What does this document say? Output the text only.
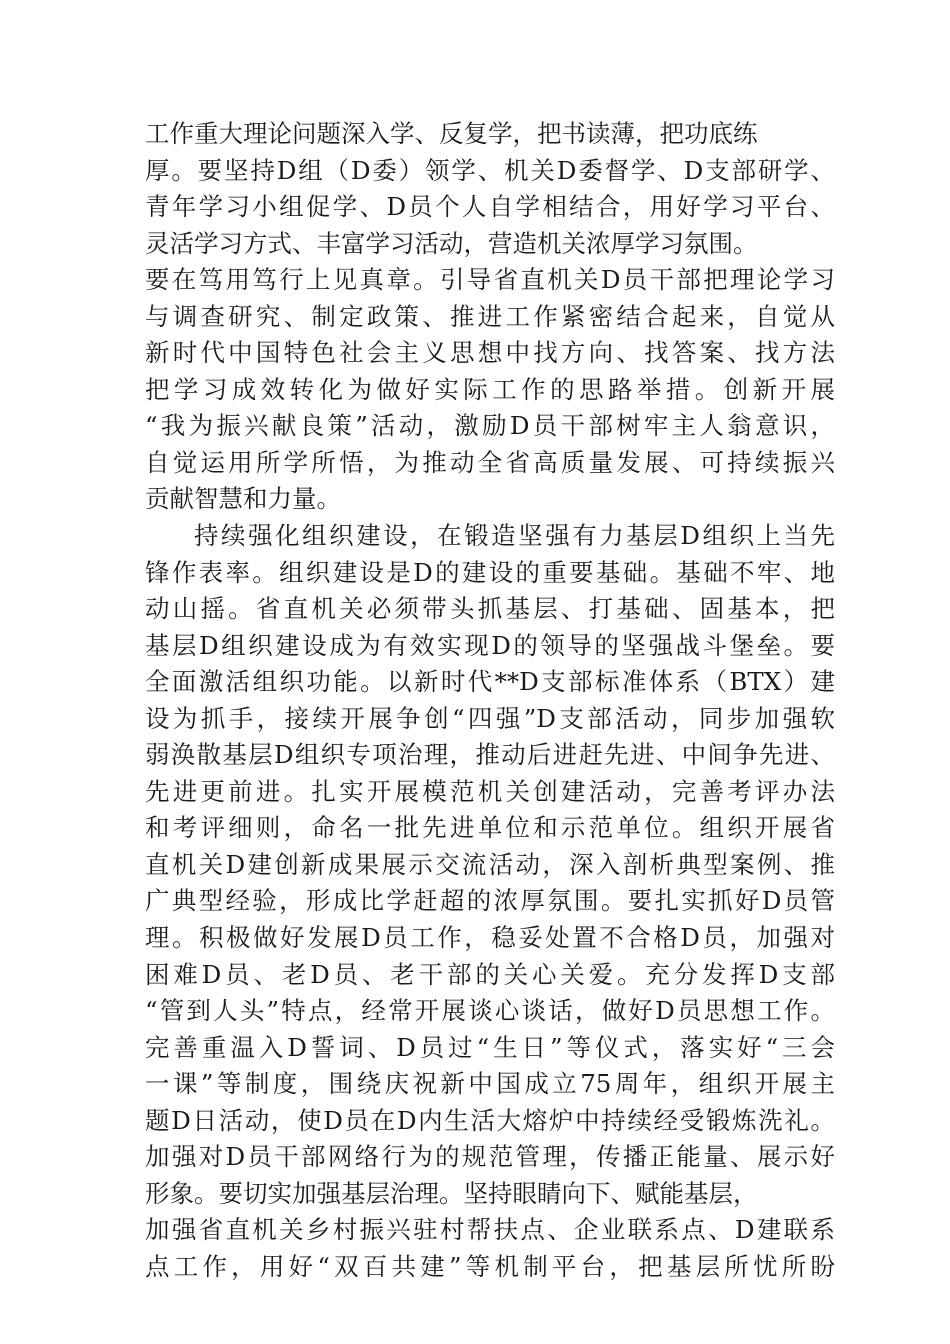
工作重大理论问题深入学、反复学，把书读薄，把功底练
厚。要坚持D组（D委）领学、机关D委督学、D支部研学、
青年学习小组促学、D员个人自学相结合，用好学习平台、
灵活学习方式、丰富学习活动，营造机关浓厚学习氛围。
要在笃用笃行上见真章。引导省直机关D员干部把理论学习
与调查研究、制定政策、推进工作紧密结合起来，自觉从
新时代中国特色社会主义思想中找方向、找答案、找方法
把学习成效转化为做好实际工作的思路举措。创新开展
“我为振兴献良策”活动，激励D员干部树牢主人翁意识，
自觉运用所学所悟，为推动全省高质量发展、可持续振兴
贡献智慧和力量。
持续强化组织建设，在锻造坚强有力基层D组织上当先
锋作表率。组织建设是D的建设的重要基础。基础不牢、地
动山摇。省直机关必须带头抓基层、打基础、固基本，把
基层D组织建设成为有效实现D的领导的坚强战斗堡垒。要
全面激活组织功能。以新时代**D支部标准体系（BTX）建
设为抓手，接续开展争创“四强”D支部活动，同步加强软
弱涣散基层D组织专项治理，推动后进赶先进、中间争先进、
先进更前进。扎实开展模范机关创建活动，完善考评办法
和考评细则，命名一批先进单位和示范单位。组织开展省
直机关D建创新成果展示交流活动，深入剖析典型案例、推
广典型经验，形成比学赶超的浓厚氛围。要扎实抓好D员管
理。积极做好发展D员工作，稳妥处置不合格D员，加强对
困难D员、老D员、老干部的关心关爱。充分发挥D支部
“管到人头”特点，经常开展谈心谈话，做好D员思想工作。
完善重温入D誓词、D员过“生日”等仪式，落实好“三会
一课”等制度，围绕庆祝新中国成立75周年，组织开展主
题D日活动，使D员在D内生活大熔炉中持续经受锻炼洗礼。
加强对D员干部网络行为的规范管理，传播正能量、展示好
形象。要切实加强基层治理。坚持眼睛向下、赋能基层，
加强省直机关乡村振兴驻村帮扶点、企业联系点、D建联系
点工作，用好“双百共建”等机制平台，把基层所忧所盼
